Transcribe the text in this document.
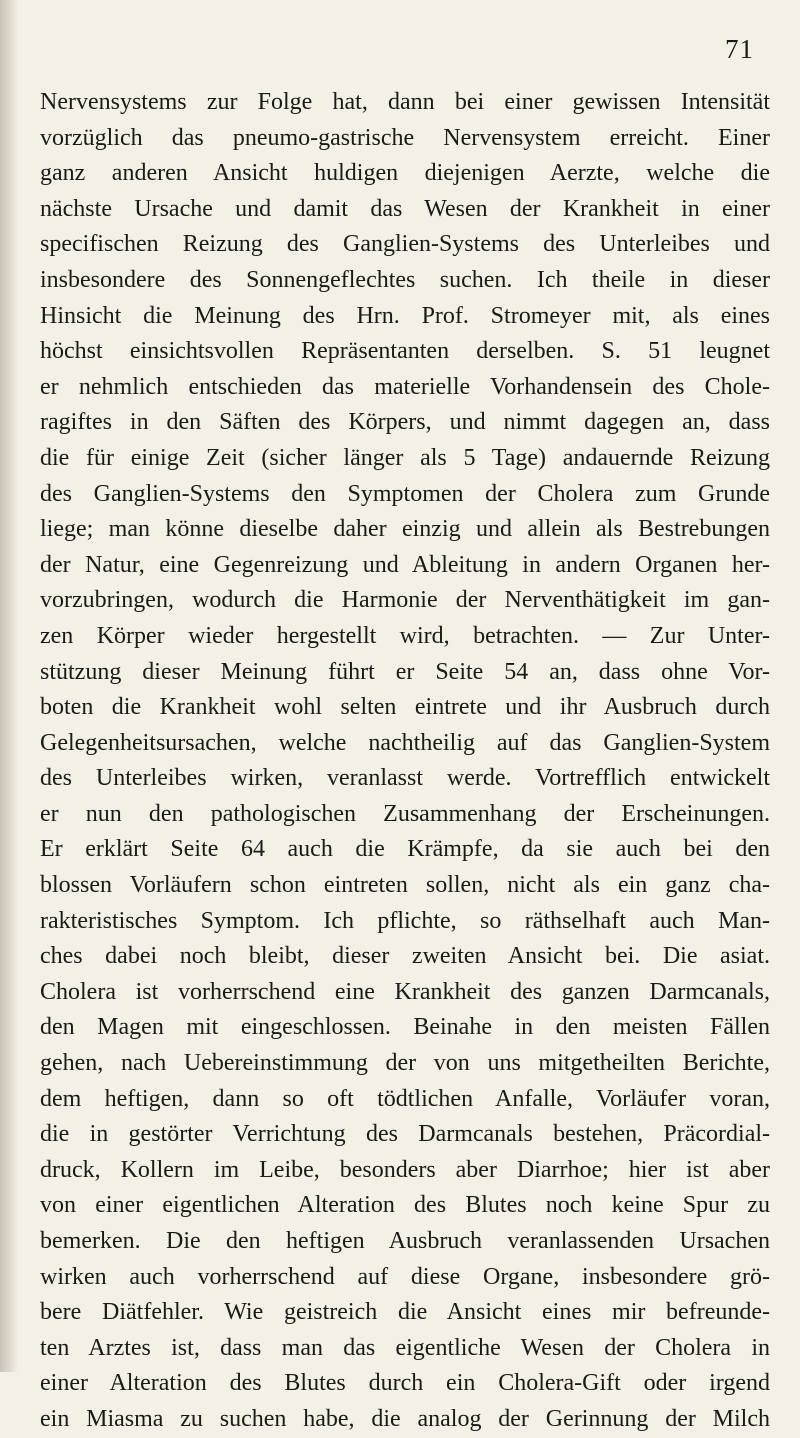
71
Nervensystems zur Folge hat, dann bei einer gewissen Intensität
vorzüglich das pneumo-gastrische Nervensystem erreicht. Einer
ganz anderen Ansicht huldigen diejenigen Aerzte, welche die
nächste Ursache und damit das Wesen der Krankheit in einer
specifischen Reizung des Ganglien-Systems des Unterleibes und
insbesondere des Sonnengeflechtes suchen. Ich theile in dieser
Hinsicht die Meinung des Hrn. Prof. Stromeyer mit, als eines
höchst einsichtsvollen Repräsentanten derselben. S. 51 leugnet
er nehmlich entschieden das materielle Vorhandensein des Chole-
ragiftes in den Säften des Körpers, und nimmt dagegen an, dass
die für einige Zeit (sicher länger als 5 Tage) andauernde Reizung
des Ganglien-Systems den Symptomen der Cholera zum Grunde
liege; man könne dieselbe daher einzig und allein als Bestrebungen
der Natur, eine Gegenreizung und Ableitung in andern Organen her-
vorzubringen, wodurch die Harmonie der Nerventhätigkeit im gan-
zen Körper wieder hergestellt wird, betrachten. — Zur Unter-
stützung dieser Meinung führt er Seite 54 an, dass ohne Vor-
boten die Krankheit wohl selten eintrete und ihr Ausbruch durch
Gelegenheitsursachen, welche nachtheilig auf das Ganglien-System
des Unterleibes wirken, veranlasst werde. Vortrefflich entwickelt
er nun den pathologischen Zusammenhang der Erscheinungen.
Er erklärt Seite 64 auch die Krämpfe, da sie auch bei den
blossen Vorläufern schon eintreten sollen, nicht als ein ganz cha-
rakteristisches Symptom. Ich pflichte, so räthselhaft auch Man-
ches dabei noch bleibt, dieser zweiten Ansicht bei. Die asiat.
Cholera ist vorherrschend eine Krankheit des ganzen Darmcanals,
den Magen mit eingeschlossen. Beinahe in den meisten Fällen
gehen, nach Uebereinstimmung der von uns mitgetheilten Berichte,
dem heftigen, dann so oft tödtlichen Anfalle, Vorläufer voran,
die in gestörter Verrichtung des Darmcanals bestehen, Präcordial-
druck, Kollern im Leibe, besonders aber Diarrhoe; hier ist aber
von einer eigentlichen Alteration des Blutes noch keine Spur zu
bemerken. Die den heftigen Ausbruch veranlassenden Ursachen
wirken auch vorherrschend auf diese Organe, insbesondere grö-
bere Diätfehler. Wie geistreich die Ansicht eines mir befreunde-
ten Arztes ist, dass man das eigentliche Wesen der Cholera in
einer Alteration des Blutes durch ein Cholera-Gift oder irgend
ein Miasma zu suchen habe, die analog der Gerinnung der Milch
